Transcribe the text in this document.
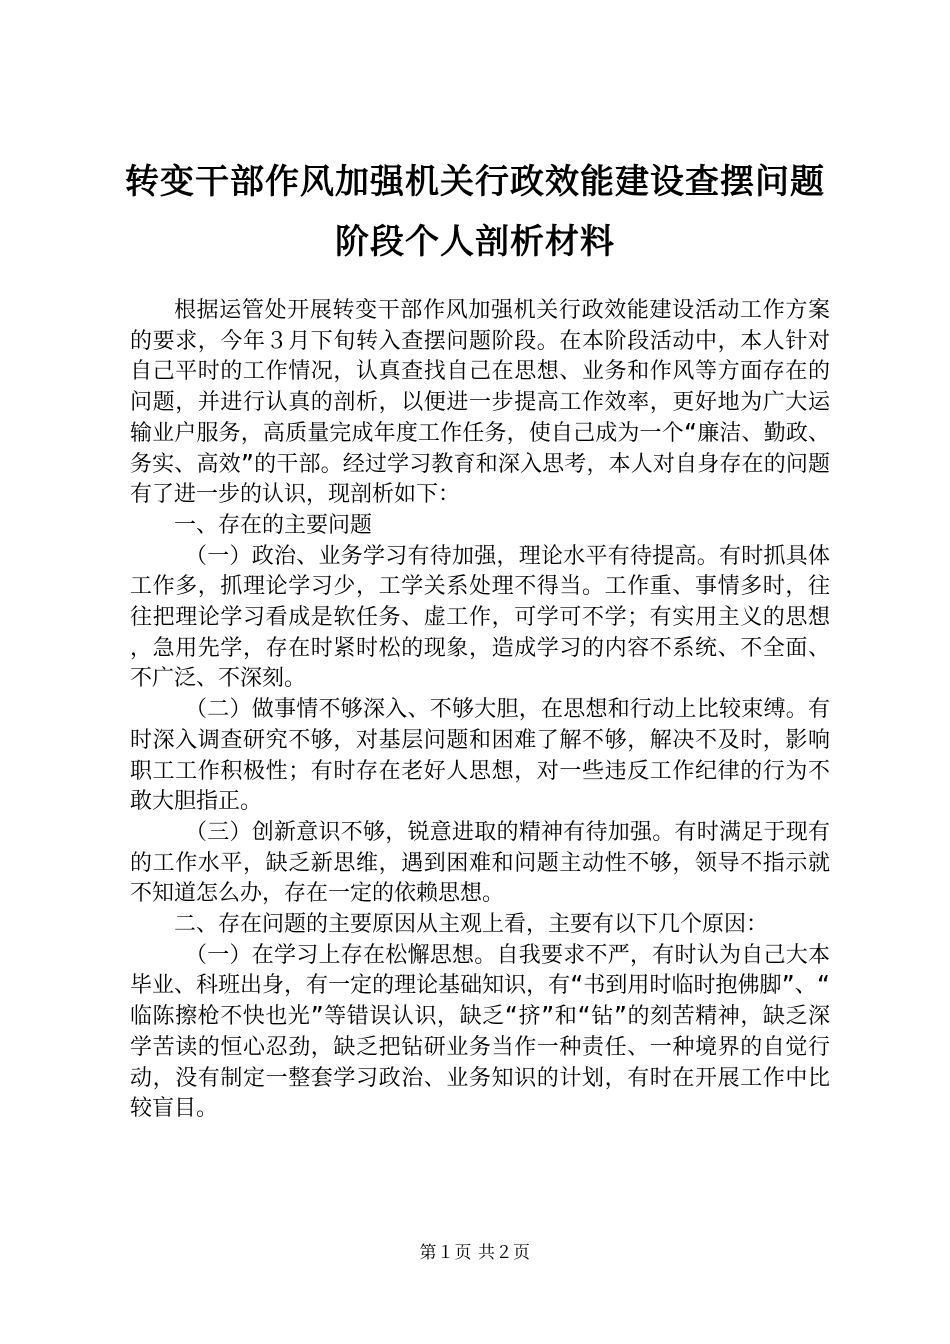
转变干部作风加强机关行政效能建设查摆问题
阶段个人剖析材料

根据运管处开展转变干部作风加强机关行政效能建设活动工作方案的要求，今年３月下旬转入查摆问题阶段。在本阶段活动中，本人针对自己平时的工作情况，认真查找自己在思想、业务和作风等方面存在的问题，并进行认真的剖析，以便进一步提高工作效率，更好地为广大运输业户服务，高质量完成年度工作任务，使自己成为一个“廉洁、勤政、务实、高效”的干部。经过学习教育和深入思考，本人对自身存在的问题有了进一步的认识，现剖析如下：

一、存在的主要问题

（一）政治、业务学习有待加强，理论水平有待提高。有时抓具体工作多，抓理论学习少，工学关系处理不得当。工作重、事情多时，往往把理论学习看成是软任务、虚工作，可学可不学；有实用主义的思想，急用先学，存在时紧时松的现象，造成学习的内容不系统、不全面、不广泛、不深刻。

（二）做事情不够深入、不够大胆，在思想和行动上比较束缚。有时深入调查研究不够，对基层问题和困难了解不够，解决不及时，影响职工工作积极性；有时存在老好人思想，对一些违反工作纪律的行为不敢大胆指正。

（三）创新意识不够，锐意进取的精神有待加强。有时满足于现有的工作水平，缺乏新思维，遇到困难和问题主动性不够，领导不指示就不知道怎么办，存在一定的依赖思想。

二、存在问题的主要原因从主观上看，主要有以下几个原因：

（一）在学习上存在松懈思想。自我要求不严，有时认为自己大本毕业、科班出身，有一定的理论基础知识，有“书到用时临时抱佛脚”、“临陈擦枪不快也光”等错误认识，缺乏“挤”和“钻”的刻苦精神，缺乏深学苦读的恒心忍劲，缺乏把钻研业务当作一种责任、一种境界的自觉行动，没有制定一整套学习政治、业务知识的计划，有时在开展工作中比较盲目。

第１页 共２页
